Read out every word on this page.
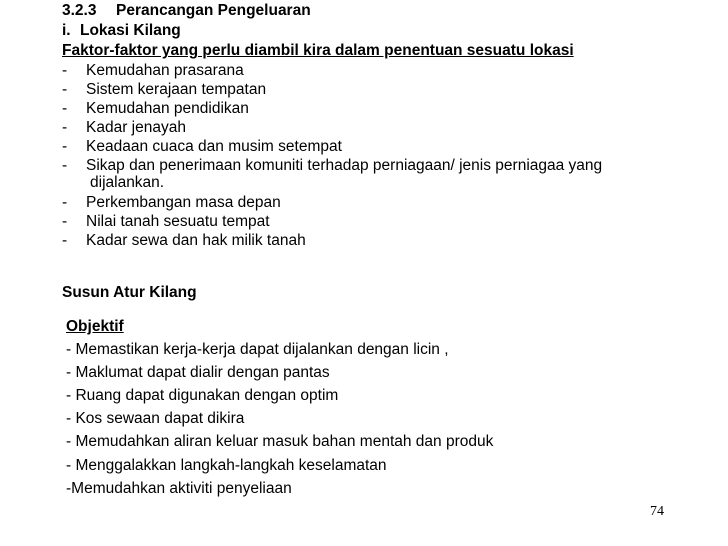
3.2.3 Perancangan Pengeluaran
i. Lokasi Kilang
Faktor-faktor yang perlu diambil kira dalam penentuan sesuatu lokasi
- Kemudahan prasarana
- Sistem kerajaan tempatan
- Kemudahan pendidikan
- Kadar jenayah
- Keadaan cuaca dan musim setempat
- Sikap dan penerimaan komuniti terhadap perniagaan/ jenis perniagaa yang
dijalankan.
- Perkembangan masa depan
- Nilai tanah sesuatu tempat
- Kadar sewa dan hak milik tanah
Susun Atur Kilang
Objektif
- Memastikan kerja-kerja dapat dijalankan dengan licin ,
- Maklumat dapat dialir dengan pantas
- Ruang dapat digunakan dengan optim
- Kos sewaan dapat dikira
- Memudahkan aliran keluar masuk bahan mentah dan produk
- Menggalakkan langkah-langkah keselamatan
-Memudahkan aktiviti penyeliaan
74
